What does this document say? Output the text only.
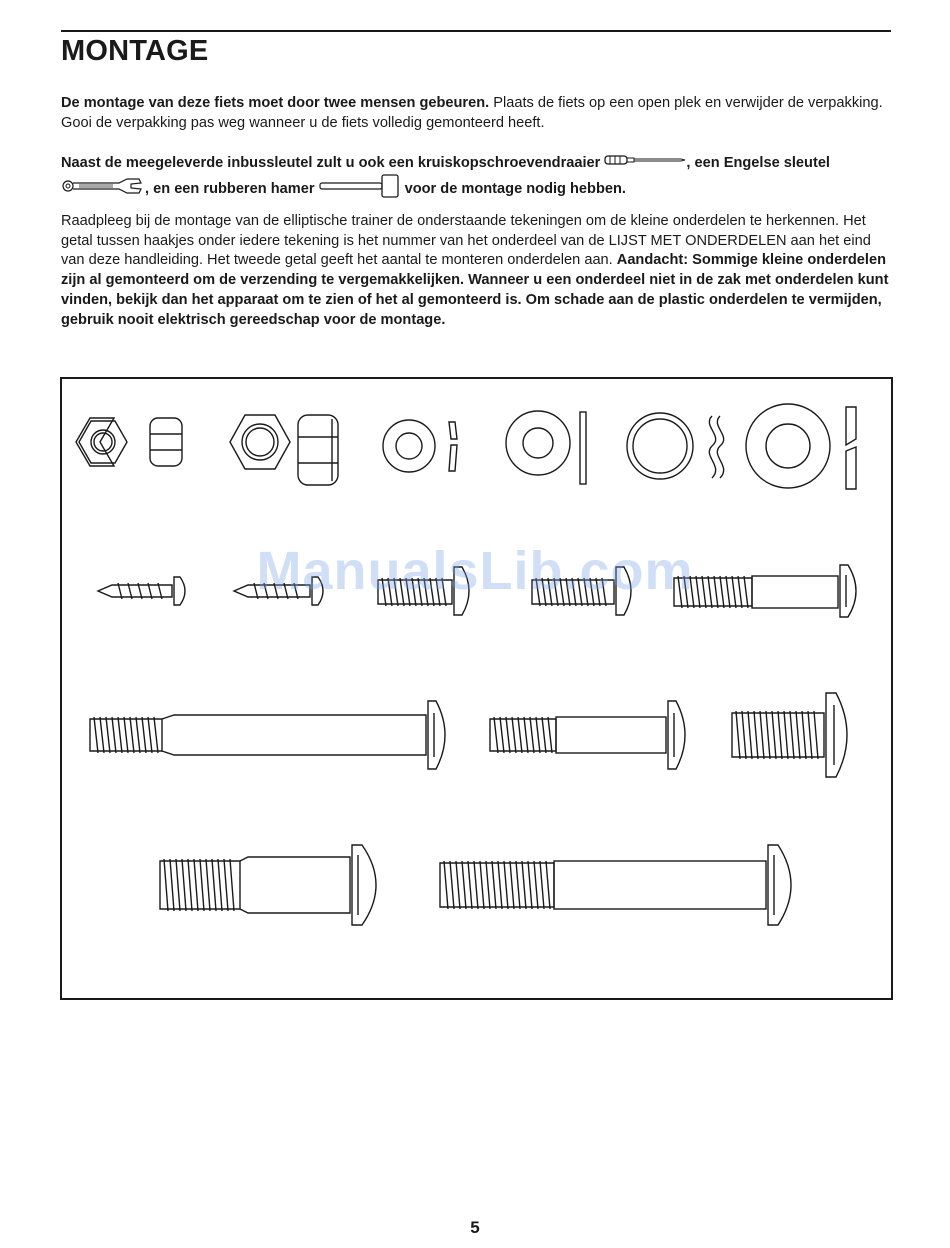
MONTAGE

De montage van deze fiets moet door twee mensen gebeuren. Plaats de fiets op een open plek en verwijder de verpakking. Gooi de verpakking pas weg wanneer u de fiets volledig gemonteerd heeft.

Naast de meegeleverde inbussleutel zult u ook een kruiskopschroevendraaier	, een Engelse sleutel , en een rubberen hamer	voor de montage nodig hebben.

Raadpleeg bij de montage van de elliptische trainer de onderstaande tekeningen om de kleine onderdelen te herkennen. Het getal tussen haakjes onder iedere tekening is het nummer van het onderdeel van de LIJST MET ONDERDELEN aan het eind van deze handleiding. Het tweede getal geeft het aantal te monteren onderdelen aan. Aandacht: Sommige kleine onderdelen zijn al gemonteerd om de verzending te vergemakkelijken. Wanneer u een onderdeel niet in de zak met onderdelen kunt vinden, bekijk dan het apparaat om te zien of het al gemonteerd is. Om schade aan de plastic onderdelen te vermijden, gebruik nooit elektrisch gereedschap voor de montage.

ManualsLib.com
5
